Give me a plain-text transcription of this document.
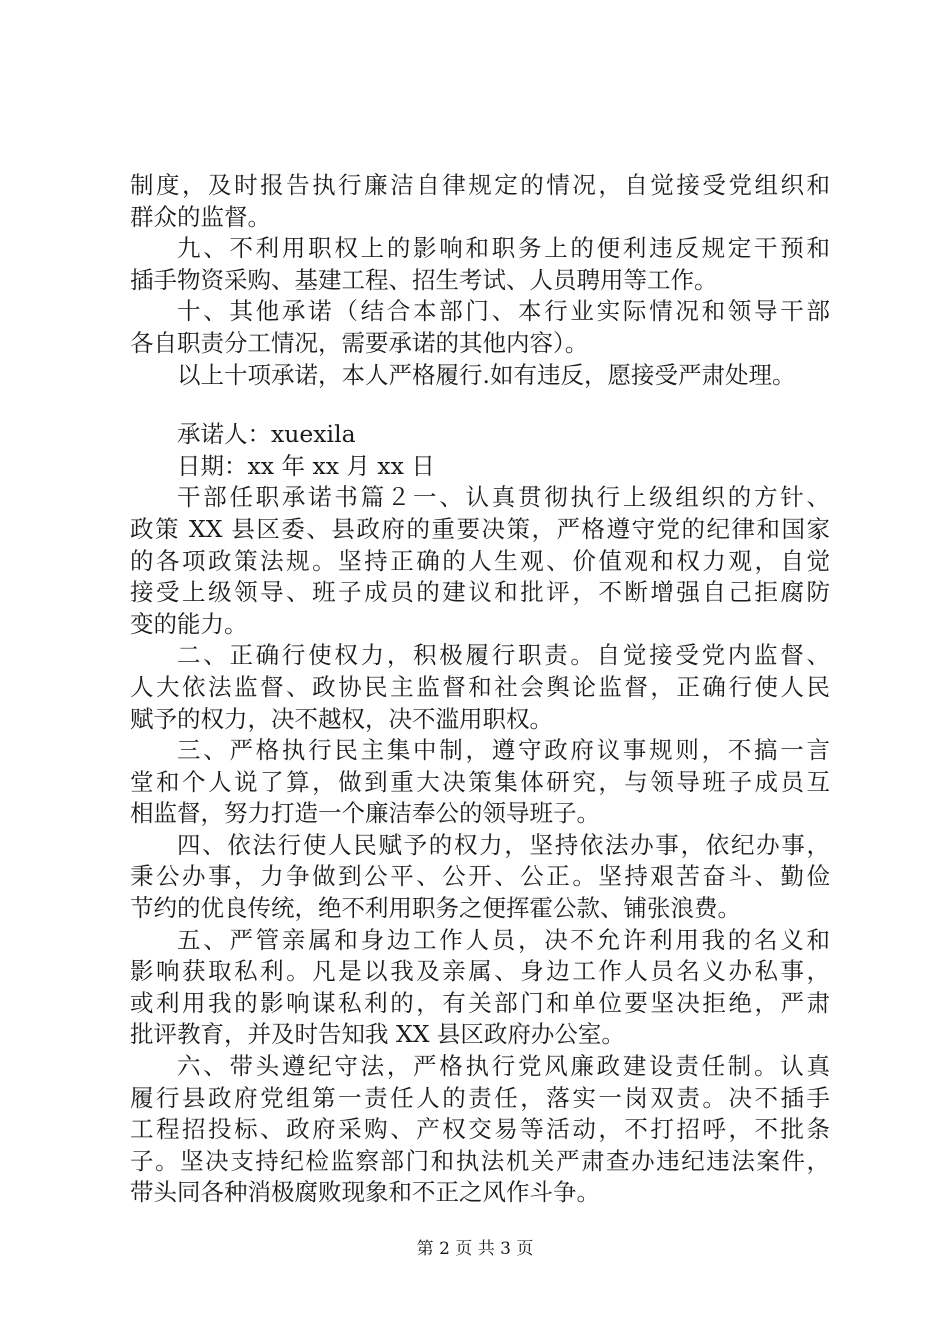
制度，及时报告执行廉洁自律规定的情况，自觉接受党组织和
群众的监督。
九、不利用职权上的影响和职务上的便利违反规定干预和
插手物资采购、基建工程、招生考试、人员聘用等工作。
十、其他承诺（结合本部门、本行业实际情况和领导干部
各自职责分工情况，需要承诺的其他内容）。
以上十项承诺，本人严格履行.如有违反，愿接受严肃处理。
承诺人：xuexila
日期：xx 年 xx 月 xx 日
干部任职承诺书篇２一、认真贯彻执行上级组织的方针、
政策 XX 县区委、县政府的重要决策，严格遵守党的纪律和国家
的各项政策法规。坚持正确的人生观、价值观和权力观，自觉
接受上级领导、班子成员的建议和批评，不断增强自己拒腐防
变的能力。
二、正确行使权力，积极履行职责。自觉接受党内监督、
人大依法监督、政协民主监督和社会舆论监督，正确行使人民
赋予的权力，决不越权，决不滥用职权。
三、严格执行民主集中制，遵守政府议事规则，不搞一言
堂和个人说了算，做到重大决策集体研究，与领导班子成员互
相监督，努力打造一个廉洁奉公的领导班子。
四、依法行使人民赋予的权力，坚持依法办事，依纪办事，
秉公办事，力争做到公平、公开、公正。坚持艰苦奋斗、勤俭
节约的优良传统，绝不利用职务之便挥霍公款、铺张浪费。
五、严管亲属和身边工作人员，决不允许利用我的名义和
影响获取私利。凡是以我及亲属、身边工作人员名义办私事，
或利用我的影响谋私利的，有关部门和单位要坚决拒绝，严肃
批评教育，并及时告知我 XX 县区政府办公室。
六、带头遵纪守法，严格执行党风廉政建设责任制。认真
履行县政府党组第一责任人的责任，落实一岗双责。决不插手
工程招投标、政府采购、产权交易等活动，不打招呼，不批条
子。坚决支持纪检监察部门和执法机关严肃查办违纪违法案件，
带头同各种消极腐败现象和不正之风作斗争。
第 2 页 共 3 页
